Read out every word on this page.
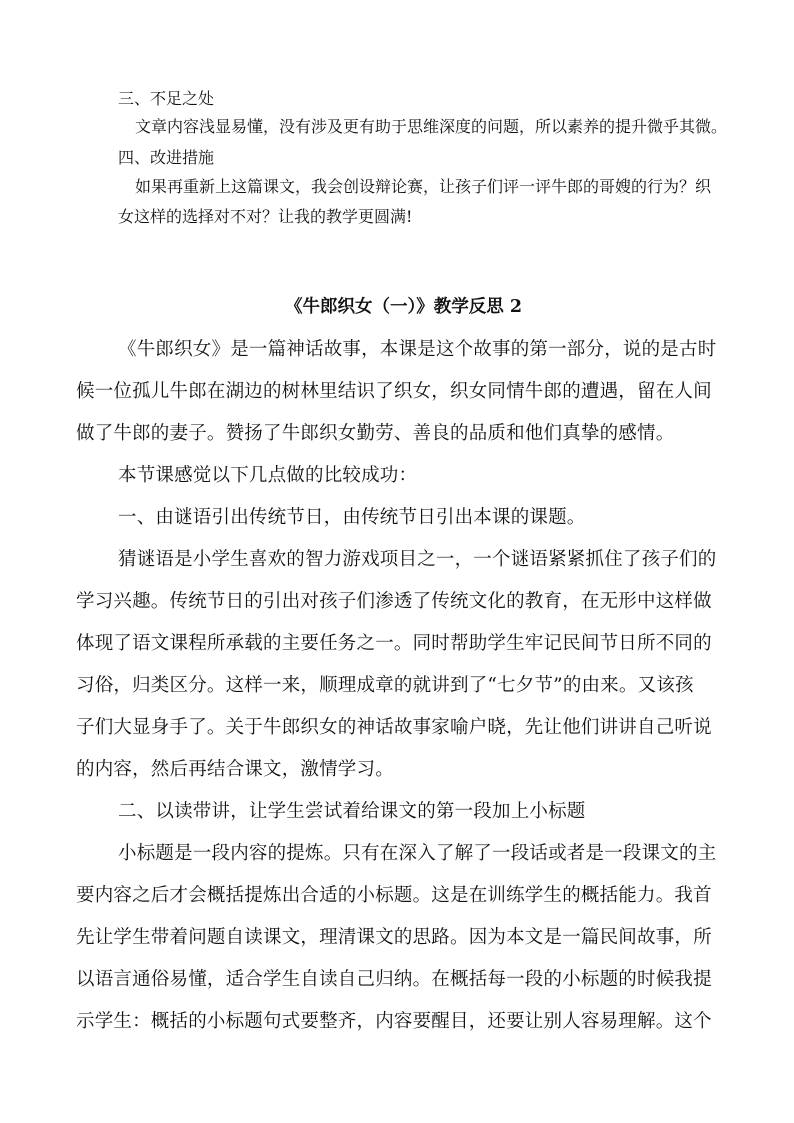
三、不足之处
文章内容浅显易懂，没有涉及更有助于思维深度的问题，所以素养的提升微乎其微。
四、改进措施
如果再重新上这篇课文，我会创设辩论赛，让孩子们评一评牛郎的哥嫂的行为？织
女这样的选择对不对？让我的教学更圆满!
《牛郎织女（一）》教学反思 2
《牛郎织女》是一篇神话故事，本课是这个故事的第一部分，说的是古时
候一位孤儿牛郎在湖边的树林里结识了织女，织女同情牛郎的遭遇，留在人间
做了牛郎的妻子。赞扬了牛郎织女勤劳、善良的品质和他们真挚的感情。
本节课感觉以下几点做的比较成功：
一、由谜语引出传统节日，由传统节日引出本课的课题。
猜谜语是小学生喜欢的智力游戏项目之一，一个谜语紧紧抓住了孩子们的
学习兴趣。传统节日的引出对孩子们渗透了传统文化的教育，在无形中这样做
体现了语文课程所承载的主要任务之一。同时帮助学生牢记民间节日所不同的
习俗，归类区分。这样一来，顺理成章的就讲到了“七夕节”的由来。又该孩
子们大显身手了。关于牛郎织女的神话故事家喻户晓，先让他们讲讲自己听说
的内容，然后再结合课文，激情学习。
二、以读带讲，让学生尝试着给课文的第一段加上小标题
小标题是一段内容的提炼。只有在深入了解了一段话或者是一段课文的主
要内容之后才会概括提炼出合适的小标题。这是在训练学生的概括能力。我首
先让学生带着问题自读课文，理清课文的思路。因为本文是一篇民间故事，所
以语言通俗易懂，适合学生自读自己归纳。在概括每一段的小标题的时候我提
示学生：概括的小标题句式要整齐，内容要醒目，还要让别人容易理解。这个
